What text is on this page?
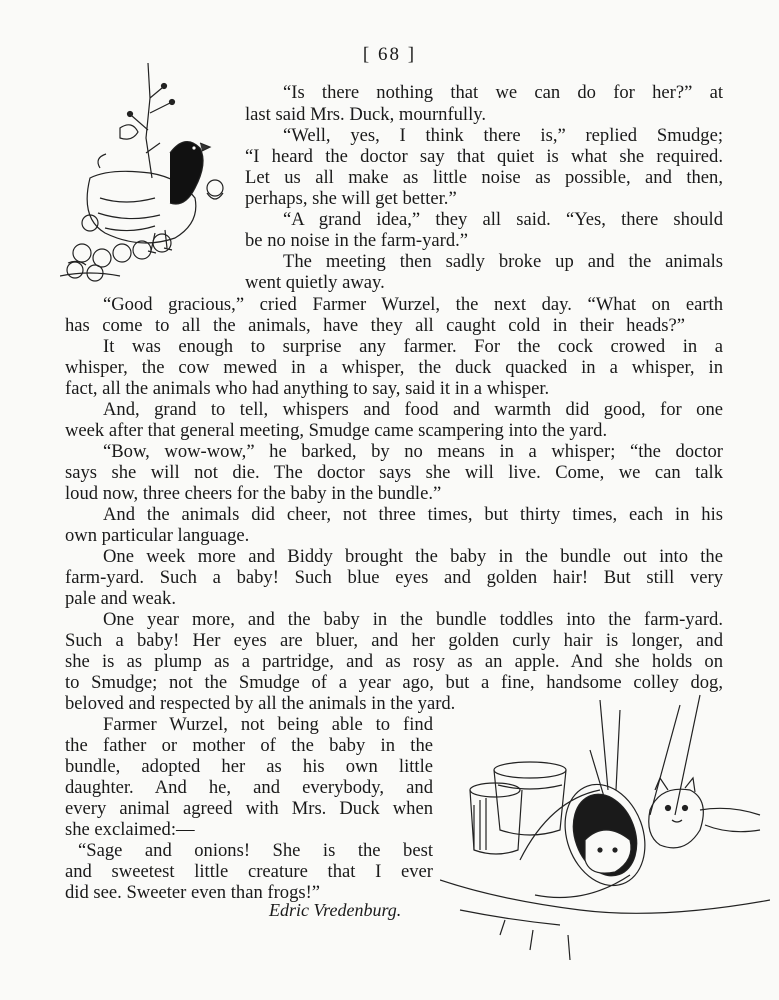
[ 68 ]
“Is there nothing that we can do for her?” at
last said Mrs. Duck, mournfully.
“Well, yes, I think there is,” replied Smudge;
“I heard the doctor say that quiet is what she required.
Let us all make as little noise as possible, and then,
perhaps, she will get better.”
“A grand idea,” they all said. “Yes, there should
be no noise in the farm-yard.”
The meeting then sadly broke up and the animals
went quietly away.
“Good gracious,” cried Farmer Wurzel, the next day. “What on earth
has come to all the animals, have they all caught cold in their heads?”
It was enough to surprise any farmer. For the cock crowed in a
whisper, the cow mewed in a whisper, the duck quacked in a whisper, in
fact, all the animals who had anything to say, said it in a whisper.
And, grand to tell, whispers and food and warmth did good, for one
week after that general meeting, Smudge came scampering into the yard.
“Bow, wow-wow,” he barked, by no means in a whisper; “the doctor
says she will not die. The doctor says she will live. Come, we can talk
loud now, three cheers for the baby in the bundle.”
And the animals did cheer, not three times, but thirty times, each in his
own particular language.
One week more and Biddy brought the baby in the bundle out into the
farm-yard. Such a baby! Such blue eyes and golden hair! But still very
pale and weak.
One year more, and the baby in the bundle toddles into the farm-yard.
Such a baby! Her eyes are bluer, and her golden curly hair is longer, and
she is as plump as a partridge, and as rosy as an apple. And she holds on
to Smudge; not the Smudge of a year ago, but a fine, handsome colley dog,
beloved and respected by all the animals in the yard.
Farmer Wurzel, not being able to find
the father or mother of the baby in the
bundle, adopted her as his own little
daughter. And he, and everybody, and
every animal agreed with Mrs. Duck when
she exclaimed:—
“Sage and onions! She is the best
and sweetest little creature that I ever
did see. Sweeter even than frogs!”
Edric Vredenburg.
